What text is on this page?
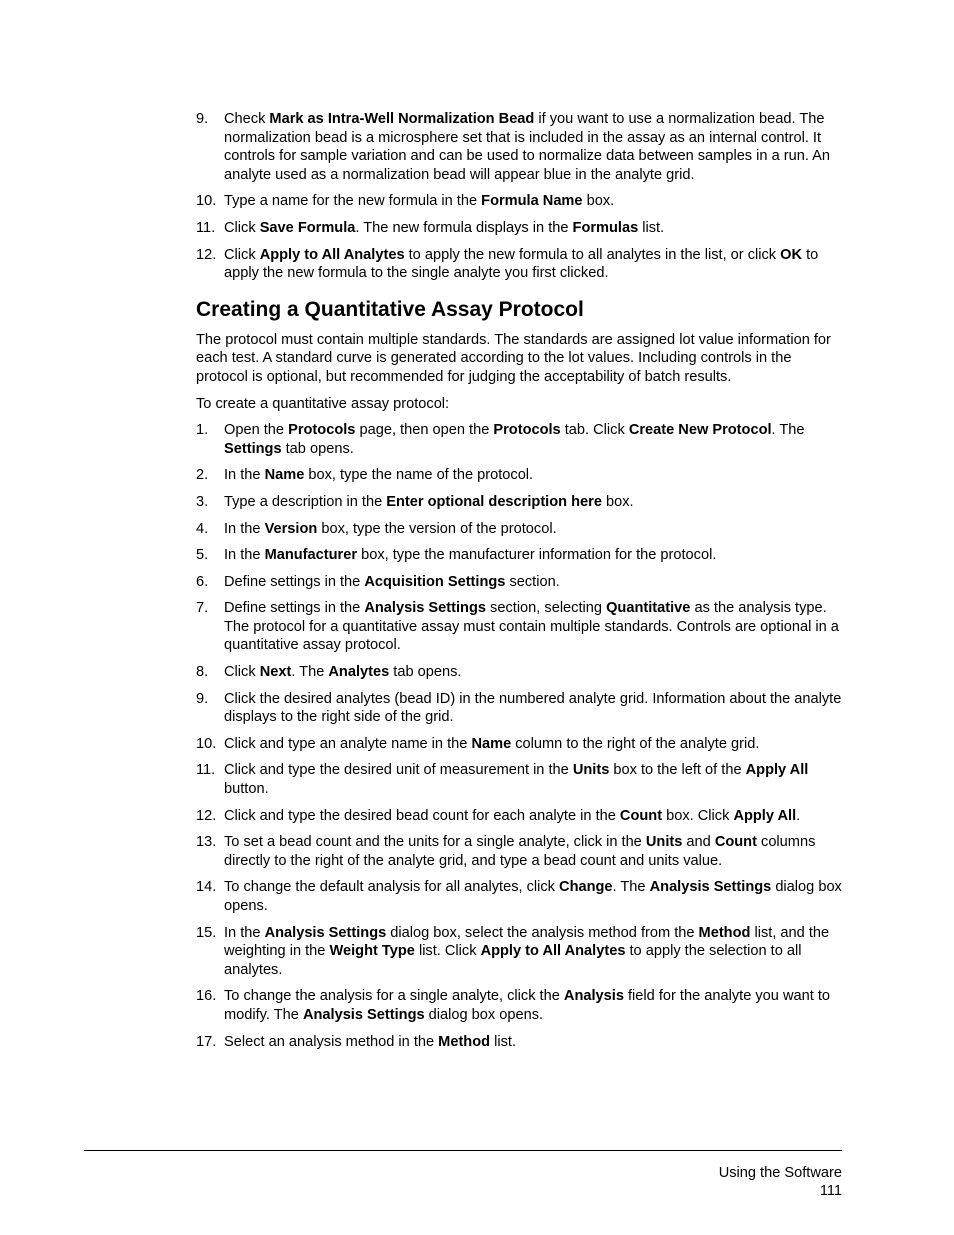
9. Check Mark as Intra-Well Normalization Bead if you want to use a normalization bead. The normalization bead is a microsphere set that is included in the assay as an internal control. It controls for sample variation and can be used to normalize data between samples in a run. An analyte used as a normalization bead will appear blue in the analyte grid.
10. Type a name for the new formula in the Formula Name box.
11. Click Save Formula. The new formula displays in the Formulas list.
12. Click Apply to All Analytes to apply the new formula to all analytes in the list, or click OK to apply the new formula to the single analyte you first clicked.
Creating a Quantitative Assay Protocol

The protocol must contain multiple standards. The standards are assigned lot value information for each test. A standard curve is generated according to the lot values. Including controls in the protocol is optional, but recommended for judging the acceptability of batch results.

To create a quantitative assay protocol:

1. Open the Protocols page, then open the Protocols tab. Click Create New Protocol. The Settings tab opens.
2. In the Name box, type the name of the protocol.
3. Type a description in the Enter optional description here box.
4. In the Version box, type the version of the protocol.
5. In the Manufacturer box, type the manufacturer information for the protocol.
6. Define settings in the Acquisition Settings section.
7. Define settings in the Analysis Settings section, selecting Quantitative as the analysis type. The protocol for a quantitative assay must contain multiple standards. Controls are optional in a quantitative assay protocol.
8. Click Next. The Analytes tab opens.
9. Click the desired analytes (bead ID) in the numbered analyte grid. Information about the analyte displays to the right side of the grid.
10. Click and type an analyte name in the Name column to the right of the analyte grid.
11. Click and type the desired unit of measurement in the Units box to the left of the Apply All button.
12. Click and type the desired bead count for each analyte in the Count box. Click Apply All.
13. To set a bead count and the units for a single analyte, click in the Units and Count columns directly to the right of the analyte grid, and type a bead count and units value.
14. To change the default analysis for all analytes, click Change. The Analysis Settings dialog box opens.
15. In the Analysis Settings dialog box, select the analysis method from the Method list, and the weighting in the Weight Type list. Click Apply to All Analytes to apply the selection to all analytes.
16. To change the analysis for a single analyte, click the Analysis field for the analyte you want to modify. The Analysis Settings dialog box opens.
17. Select an analysis method in the Method list.
Using the Software
111
